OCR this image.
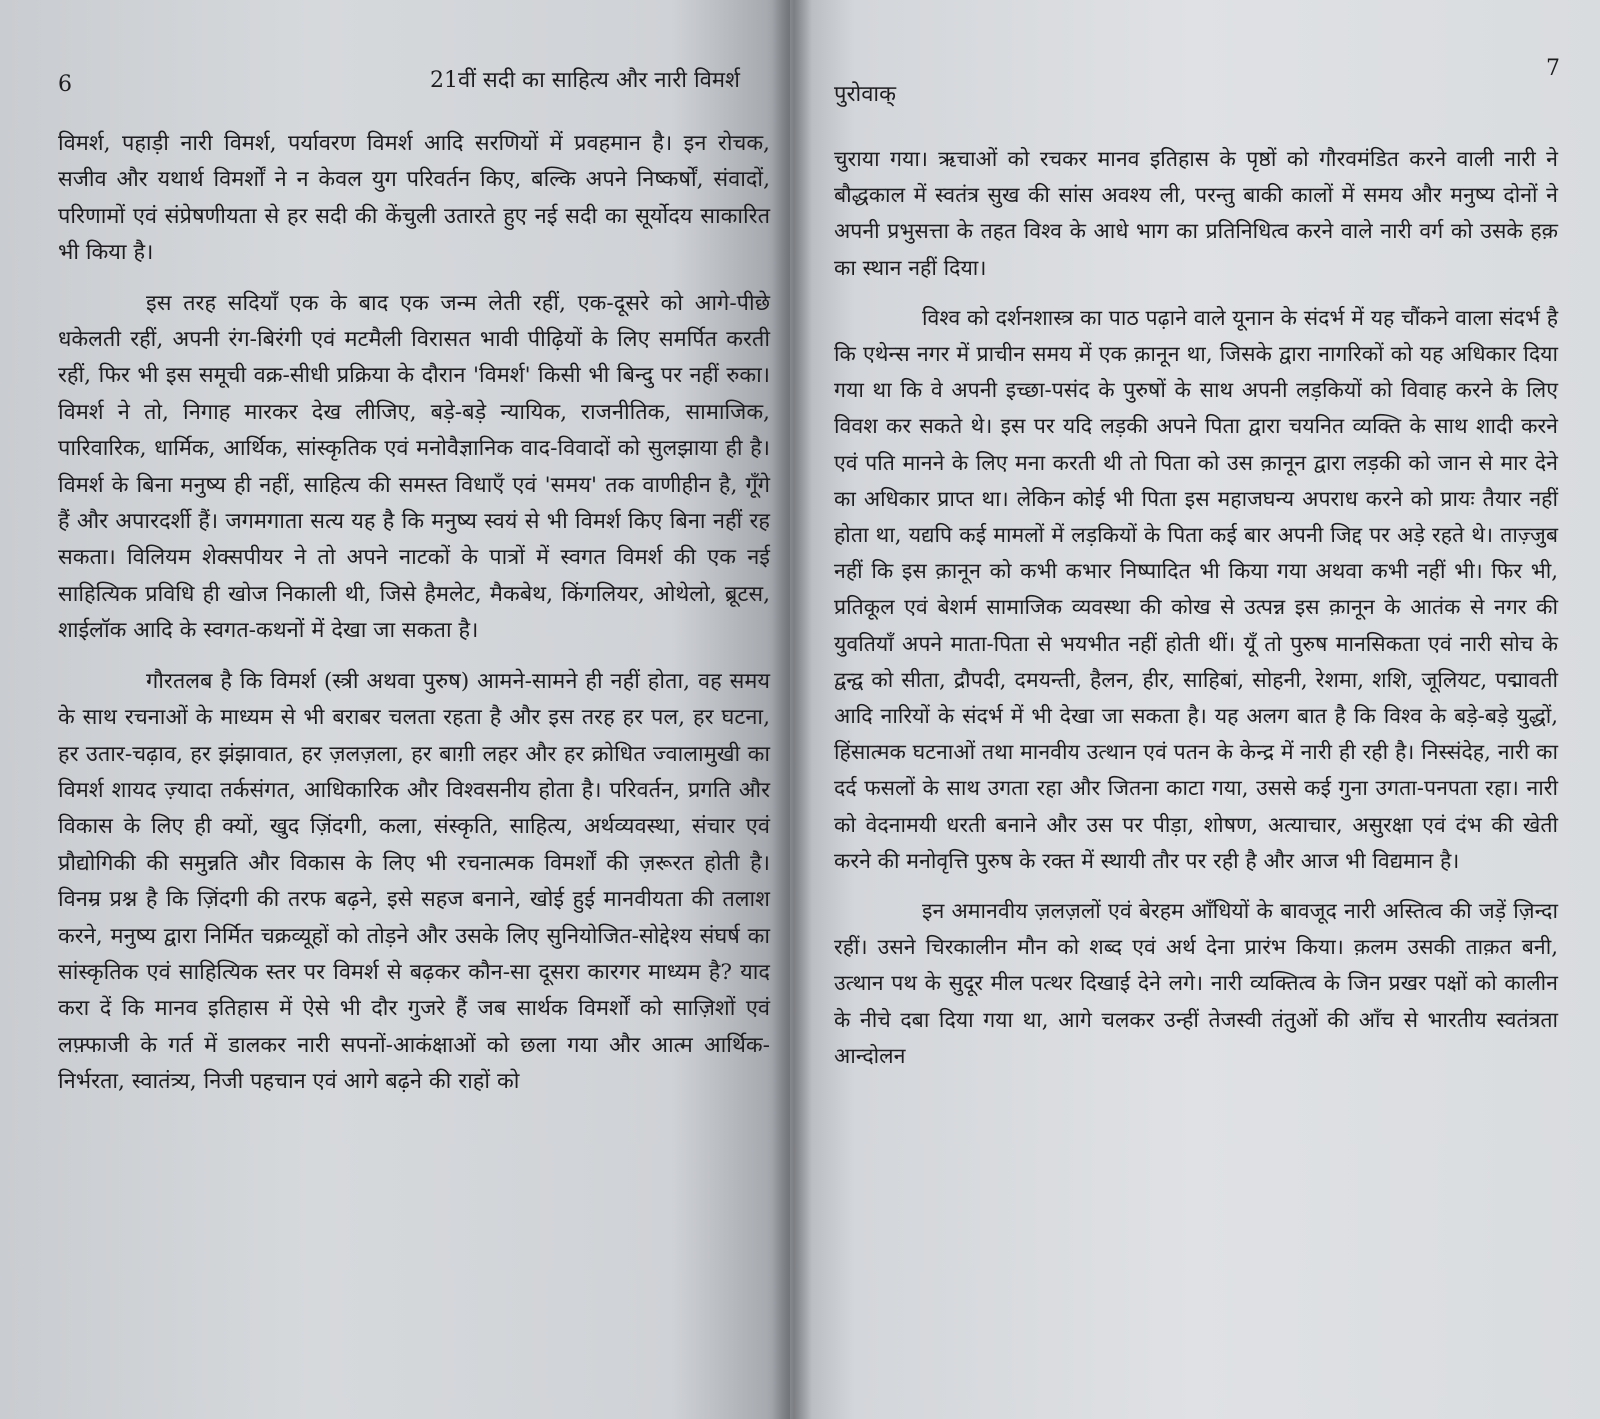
6	21वीं सदी का साहित्य और नारी विमर्श

विमर्श, पहाड़ी नारी विमर्श, पर्यावरण विमर्श आदि सरणियों में प्रवहमान है। इन रोचक, सजीव और यथार्थ विमर्शों ने न केवल युग परिवर्तन किए, बल्कि अपने निष्कर्षों, संवादों, परिणामों एवं संप्रेषणीयता से हर सदी की केंचुली उतारते हुए नई सदी का सूर्योदय साकारित भी किया है।

इस तरह सदियाँ एक के बाद एक जन्म लेती रहीं, एक-दूसरे को आगे-पीछे धकेलती रहीं, अपनी रंग-बिरंगी एवं मटमैली विरासत भावी पीढ़ियों के लिए समर्पित करती रहीं, फिर भी इस समूची वक्र-सीधी प्रक्रिया के दौरान 'विमर्श' किसी भी बिन्दु पर नहीं रुका। विमर्श ने तो, निगाह मारकर देख लीजिए, बड़े-बड़े न्यायिक, राजनीतिक, सामाजिक, पारिवारिक, धार्मिक, आर्थिक, सांस्कृतिक एवं मनोवैज्ञानिक वाद-विवादों को सुलझाया ही है। विमर्श के बिना मनुष्य ही नहीं, साहित्य की समस्त विधाएँ एवं 'समय' तक वाणीहीन है, गूँगे हैं और अपारदर्शी हैं। जगमगाता सत्य यह है कि मनुष्य स्वयं से भी विमर्श किए बिना नहीं रह सकता। विलियम शेक्सपीयर ने तो अपने नाटकों के पात्रों में स्वगत विमर्श की एक नई साहित्यिक प्रविधि ही खोज निकाली थी, जिसे हैमलेट, मैकबेथ, किंगलियर, ओथेलो, ब्रूटस, शाईलॉक आदि के स्वगत-कथनों में देखा जा सकता है।

गौरतलब है कि विमर्श (स्त्री अथवा पुरुष) आमने-सामने ही नहीं होता, वह समय के साथ रचनाओं के माध्यम से भी बराबर चलता रहता है और इस तरह हर पल, हर घटना, हर उतार-चढ़ाव, हर झंझावात, हर ज़लज़ला, हर बाग़ी लहर और हर क्रोधित ज्वालामुखी का विमर्श शायद ज़्यादा तर्कसंगत, आधिकारिक और विश्वसनीय होता है। परिवर्तन, प्रगति और विकास के लिए ही क्यों, खुद ज़िंदगी, कला, संस्कृति, साहित्य, अर्थव्यवस्था, संचार एवं प्रौद्योगिकी की समुन्नति और विकास के लिए भी रचनात्मक विमर्शों की ज़रूरत होती है। विनम्र प्रश्न है कि ज़िंदगी की तरफ बढ़ने, इसे सहज बनाने, खोई हुई मानवीयता की तलाश करने, मनुष्य द्वारा निर्मित चक्रव्यूहों को तोड़ने और उसके लिए सुनियोजित-सोद्देश्य संघर्ष का सांस्कृतिक एवं साहित्यिक स्तर पर विमर्श से बढ़कर कौन-सा दूसरा कारगर माध्यम है? याद करा दें कि मानव इतिहास में ऐसे भी दौर गुजरे हैं जब सार्थक विमर्शों को साज़िशों एवं लफ़्फाजी के गर्त में डालकर नारी सपनों-आकंक्षाओं को छला गया और आत्म आर्थिक-निर्भरता, स्वातंत्र्य, निजी पहचान एवं आगे बढ़ने की राहों को

पुरोवाक्
7

चुराया गया। ऋचाओं को रचकर मानव इतिहास के पृष्ठों को गौरवमंडित करने वाली नारी ने बौद्धकाल में स्वतंत्र सुख की सांस अवश्य ली, परन्तु बाकी कालों में समय और मनुष्य दोनों ने अपनी प्रभुसत्ता के तहत विश्व के आधे भाग का प्रतिनिधित्व करने वाले नारी वर्ग को उसके हक़ का स्थान नहीं दिया।

विश्व को दर्शनशास्त्र का पाठ पढ़ाने वाले यूनान के संदर्भ में यह चौंकने वाला संदर्भ है कि एथेन्स नगर में प्राचीन समय में एक क़ानून था, जिसके द्वारा नागरिकों को यह अधिकार दिया गया था कि वे अपनी इच्छा-पसंद के पुरुषों के साथ अपनी लड़कियों को विवाह करने के लिए विवश कर सकते थे। इस पर यदि लड़की अपने पिता द्वारा चयनित व्यक्ति के साथ शादी करने एवं पति मानने के लिए मना करती थी तो पिता को उस क़ानून द्वारा लड़की को जान से मार देने का अधिकार प्राप्त था। लेकिन कोई भी पिता इस महाजघन्य अपराध करने को प्रायः तैयार नहीं होता था, यद्यपि कई मामलों में लड़कियों के पिता कई बार अपनी जिद्द पर अड़े रहते थे। ताज़्जुब नहीं कि इस क़ानून को कभी कभार निष्पादित भी किया गया अथवा कभी नहीं भी। फिर भी, प्रतिकूल एवं बेशर्म सामाजिक व्यवस्था की कोख से उत्पन्न इस क़ानून के आतंक से नगर की युवतियाँ अपने माता-पिता से भयभीत नहीं होती थीं। यूँ तो पुरुष मानसिकता एवं नारी सोच के द्वन्द्व को सीता, द्रौपदी, दमयन्ती, हैलन, हीर, साहिबां, सोहनी, रेशमा, शशि, जूलियट, पद्मावती आदि नारियों के संदर्भ में भी देखा जा सकता है। यह अलग बात है कि विश्व के बड़े-बड़े युद्धों, हिंसात्मक घटनाओं तथा मानवीय उत्थान एवं पतन के केन्द्र में नारी ही रही है। निस्संदेह, नारी का दर्द फसलों के साथ उगता रहा और जितना काटा गया, उससे कई गुना उगता-पनपता रहा। नारी को वेदनामयी धरती बनाने और उस पर पीड़ा, शोषण, अत्याचार, असुरक्षा एवं दंभ की खेती करने की मनोवृत्ति पुरुष के रक्त में स्थायी तौर पर रही है और आज भी विद्यमान है।

इन अमानवीय ज़लज़लों एवं बेरहम आँधियों के बावजूद नारी अस्तित्व की जड़ें ज़िन्दा रहीं। उसने चिरकालीन मौन को शब्द एवं अर्थ देना प्रारंभ किया। क़लम उसकी ताक़त बनी, उत्थान पथ के सुदूर मील पत्थर दिखाई देने लगे। नारी व्यक्तित्व के जिन प्रखर पक्षों को कालीन के नीचे दबा दिया गया था, आगे चलकर उन्हीं तेजस्वी तंतुओं की आँच से भारतीय स्वतंत्रता आन्दोलन
